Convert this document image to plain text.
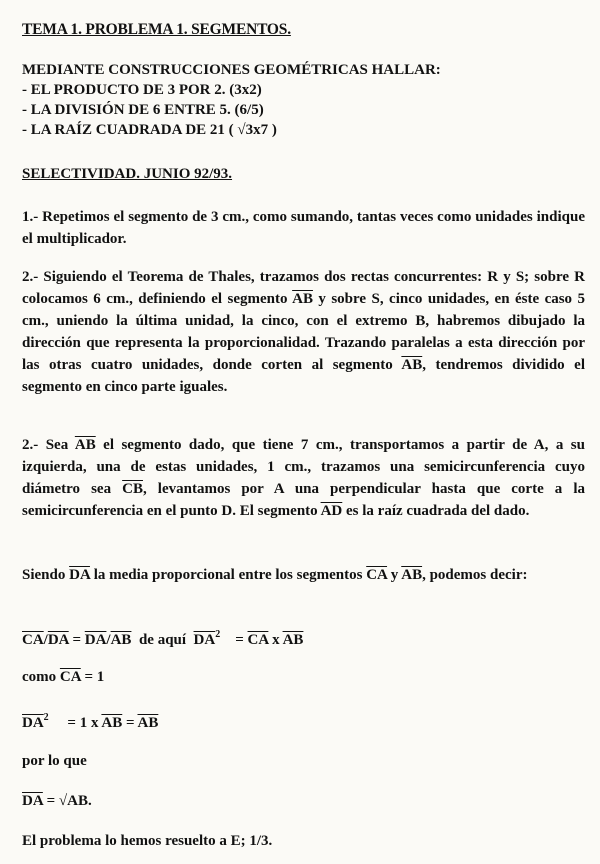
TEMA 1. PROBLEMA 1. SEGMENTOS.

MEDIANTE CONSTRUCCIONES GEOMÉTRICAS HALLAR:

- EL PRODUCTO DE 3 POR 2. (3x2)

- LA DIVISIÓN DE 6 ENTRE 5. (6/5)

- LA RAÍZ CUADRADA DE 21 ( √3x7 )

SELECTIVIDAD. JUNIO 92/93.

1.- Repetimos el segmento de 3 cm., como sumando, tantas veces como unidades indique el multiplicador.

2.- Siguiendo el Teorema de Thales, trazamos dos rectas concurrentes: R y S; sobre R colocamos 6 cm., definiendo el segmento $\overline{AB}$ y sobre S, cinco unidades, en éste caso 5 cm., uniendo la última unidad, la cinco, con el extremo B, habremos dibujado la dirección que representa la proporcionalidad. Trazando paralelas a esta dirección por las otras cuatro unidades, donde corten al segmento $\overline{AB}$, tendremos dividido el segmento en cinco parte iguales.

2.- Sea $\overline{AB}$ el segmento dado, que tiene 7 cm., transportamos a partir de A, a su izquierda, una de estas unidades, 1 cm., trazamos una semicircunferencia cuyo diámetro sea $\overline{CB}$, levantamos por A una perpendicular hasta que corte a la semicircunferencia en el punto D. El segmento $\overline{AD}$ es la raíz cuadrada del dado.

Siendo $\overline{DA}$ la media proporcional entre los segmentos $\overline{CA}$ y $\overline{AB}$, podemos decir:

$\overline{CA}/\overline{DA} = \overline{DA}/\overline{AB}$  de aquí  $\overline{DA}^2$    = $\overline{CA}$ x $\overline{AB}$

como $\overline{CA} = 1$

$\overline{DA}^2$     = 1 x $\overline{AB} = \overline{AB}$

por lo que

$\overline{DA} = √AB$.

El problema lo hemos resuelto a E; 1/3.
